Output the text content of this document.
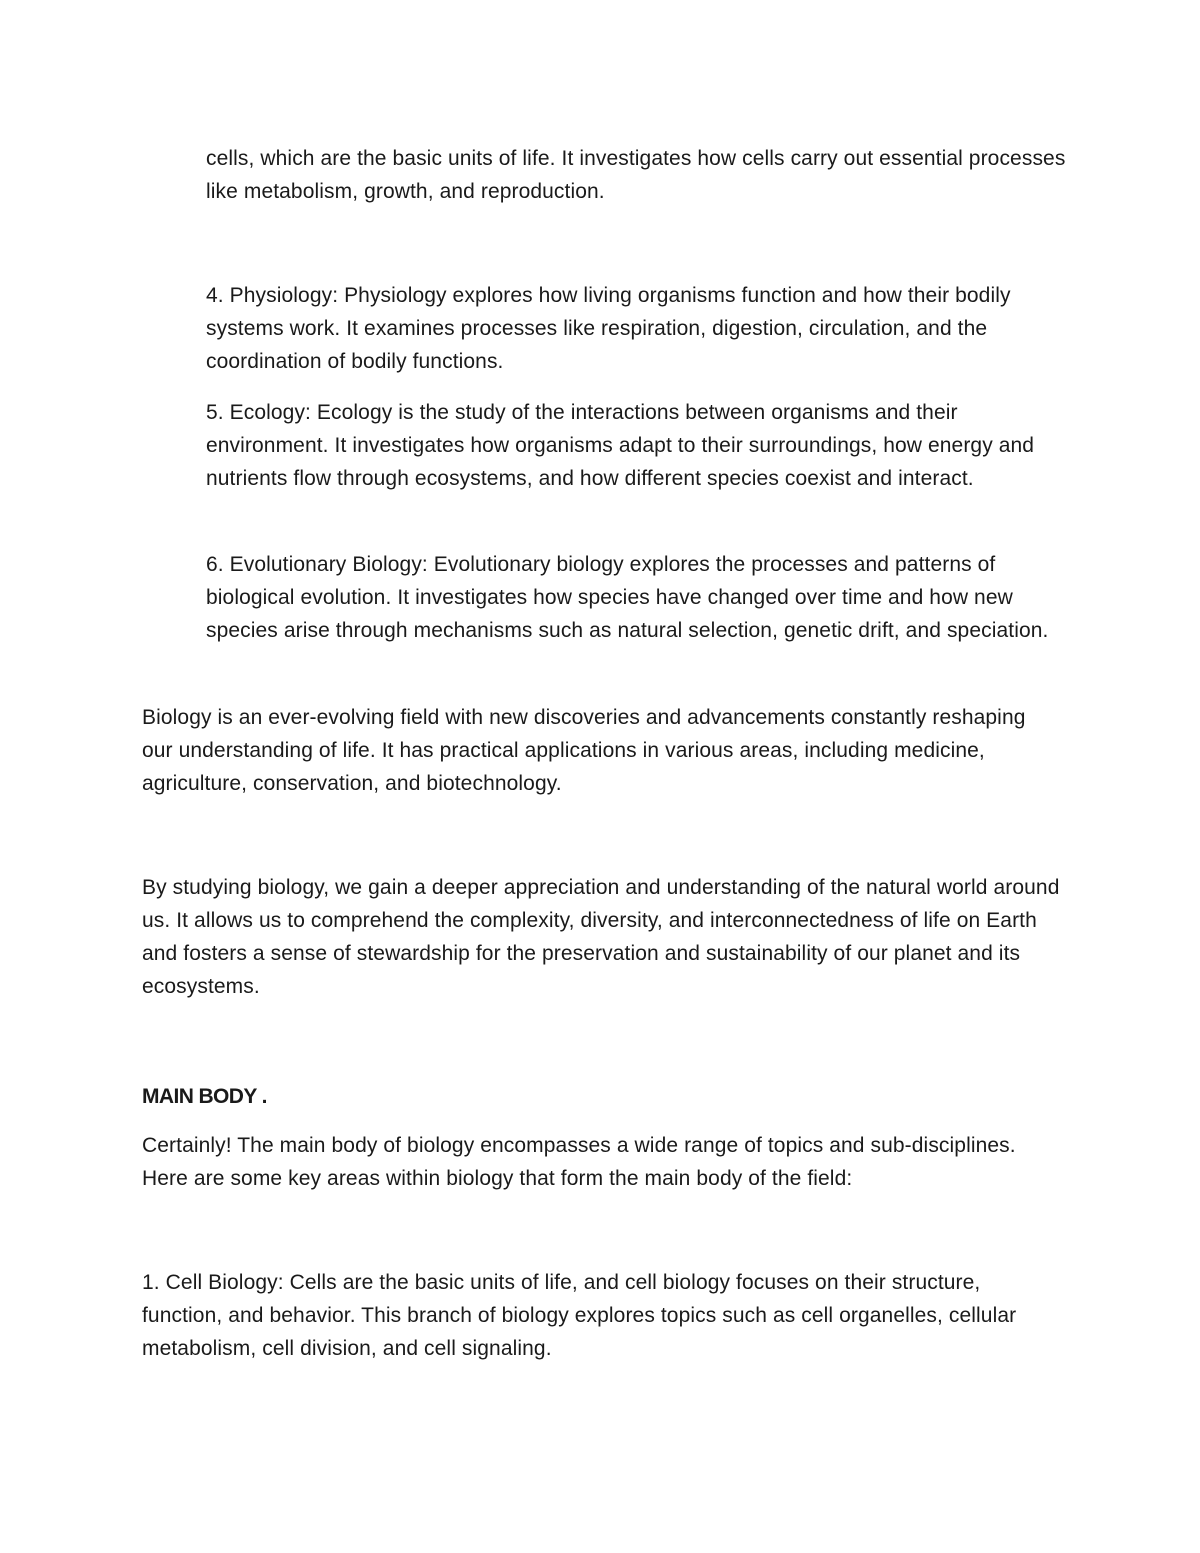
cells, which are the basic units of life. It investigates how cells carry out essential processes like metabolism, growth, and reproduction.

4. Physiology: Physiology explores how living organisms function and how their bodily systems work. It examines processes like respiration, digestion, circulation, and the coordination of bodily functions.

5. Ecology: Ecology is the study of the interactions between organisms and their environment. It investigates how organisms adapt to their surroundings, how energy and nutrients flow through ecosystems, and how different species coexist and interact.

6. Evolutionary Biology: Evolutionary biology explores the processes and patterns of biological evolution. It investigates how species have changed over time and how new species arise through mechanisms such as natural selection, genetic drift, and speciation.

Biology is an ever-evolving field with new discoveries and advancements constantly reshaping our understanding of life. It has practical applications in various areas, including medicine, agriculture, conservation, and biotechnology.

By studying biology, we gain a deeper appreciation and understanding of the natural world around us. It allows us to comprehend the complexity, diversity, and interconnectedness of life on Earth and fosters a sense of stewardship for the preservation and sustainability of our planet and its ecosystems.

MAIN BODY .

Certainly! The main body of biology encompasses a wide range of topics and sub-disciplines. Here are some key areas within biology that form the main body of the field:

1. Cell Biology: Cells are the basic units of life, and cell biology focuses on their structure, function, and behavior. This branch of biology explores topics such as cell organelles, cellular metabolism, cell division, and cell signaling.
